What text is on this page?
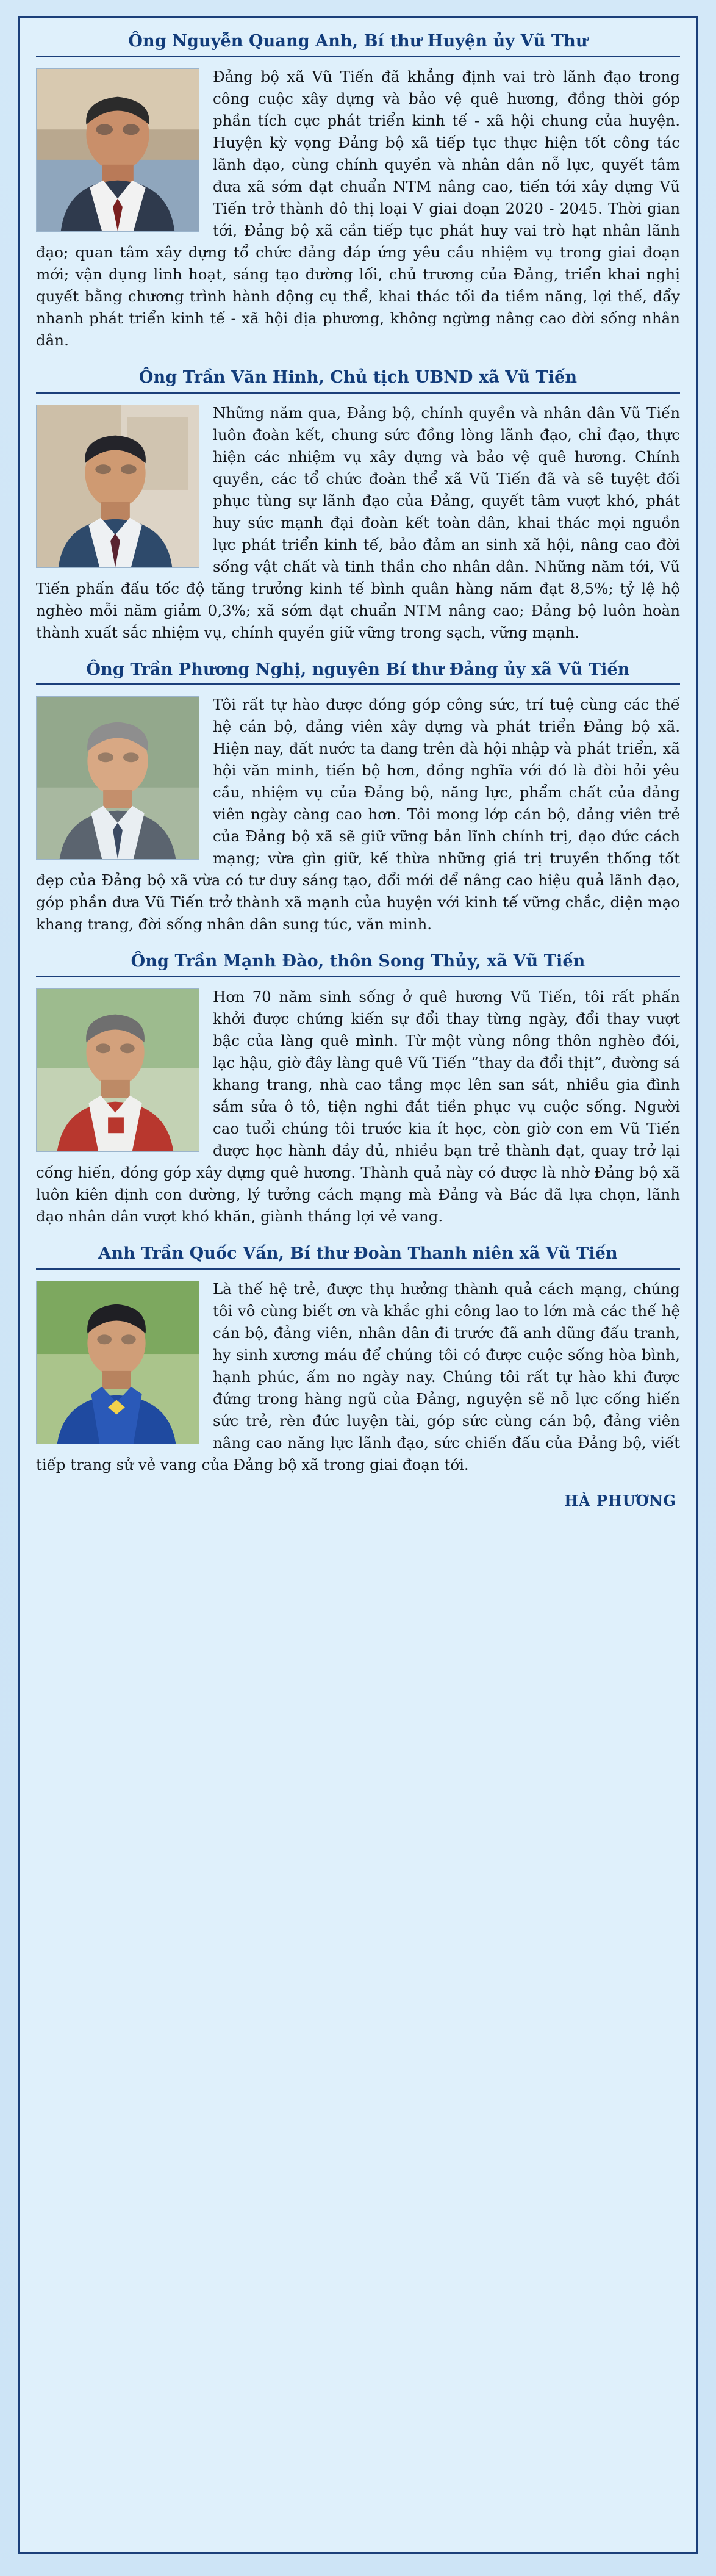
Ông Nguyễn Quang Anh, Bí thư Huyện ủy Vũ Thư

Đảng bộ xã Vũ Tiến đã khẳng định vai trò lãnh đạo trong công cuộc xây dựng và bảo vệ quê hương, đồng thời góp phần tích cực phát triển kinh tế - xã hội chung của huyện. Huyện kỳ vọng Đảng bộ xã tiếp tục thực hiện tốt công tác lãnh đạo, cùng chính quyền và nhân dân nỗ lực, quyết tâm đưa xã sớm đạt chuẩn NTM nâng cao, tiến tới xây dựng Vũ Tiến trở thành đô thị loại V giai đoạn 2020 - 2045. Thời gian tới, Đảng bộ xã cần tiếp tục phát huy vai trò hạt nhân lãnh đạo; quan tâm xây dựng tổ chức đảng đáp ứng yêu cầu nhiệm vụ trong giai đoạn mới; vận dụng linh hoạt, sáng tạo đường lối, chủ trương của Đảng, triển khai nghị quyết bằng chương trình hành động cụ thể, khai thác tối đa tiềm năng, lợi thế, đẩy nhanh phát triển kinh tế - xã hội địa phương, không ngừng nâng cao đời sống nhân dân.

Ông Trần Văn Hinh, Chủ tịch UBND xã Vũ Tiến

Những năm qua, Đảng bộ, chính quyền và nhân dân Vũ Tiến luôn đoàn kết, chung sức đồng lòng lãnh đạo, chỉ đạo, thực hiện các nhiệm vụ xây dựng và bảo vệ quê hương. Chính quyền, các tổ chức đoàn thể xã Vũ Tiến đã và sẽ tuyệt đối phục tùng sự lãnh đạo của Đảng, quyết tâm vượt khó, phát huy sức mạnh đại đoàn kết toàn dân, khai thác mọi nguồn lực phát triển kinh tế, bảo đảm an sinh xã hội, nâng cao đời sống vật chất và tinh thần cho nhân dân. Những năm tới, Vũ Tiến phấn đấu tốc độ tăng trưởng kinh tế bình quân hàng năm đạt 8,5%; tỷ lệ hộ nghèo mỗi năm giảm 0,3%; xã sớm đạt chuẩn NTM nâng cao; Đảng bộ luôn hoàn thành xuất sắc nhiệm vụ, chính quyền giữ vững trong sạch, vững mạnh.

Ông Trần Phương Nghị, nguyên Bí thư Đảng ủy xã Vũ Tiến

Tôi rất tự hào được đóng góp công sức, trí tuệ cùng các thế hệ cán bộ, đảng viên xây dựng và phát triển Đảng bộ xã. Hiện nay, đất nước ta đang trên đà hội nhập và phát triển, xã hội văn minh, tiến bộ hơn, đồng nghĩa với đó là đòi hỏi yêu cầu, nhiệm vụ của Đảng bộ, năng lực, phẩm chất của đảng viên ngày càng cao hơn. Tôi mong lớp cán bộ, đảng viên trẻ của Đảng bộ xã sẽ giữ vững bản lĩnh chính trị, đạo đức cách mạng; vừa gìn giữ, kế thừa những giá trị truyền thống tốt đẹp của Đảng bộ xã vừa có tư duy sáng tạo, đổi mới để nâng cao hiệu quả lãnh đạo, góp phần đưa Vũ Tiến trở thành xã mạnh của huyện với kinh tế vững chắc, diện mạo khang trang, đời sống nhân dân sung túc, văn minh.

Ông Trần Mạnh Đào, thôn Song Thủy, xã Vũ Tiến

Hơn 70 năm sinh sống ở quê hương Vũ Tiến, tôi rất phấn khởi được chứng kiến sự đổi thay từng ngày, đổi thay vượt bậc của làng quê mình. Từ một vùng nông thôn nghèo đói, lạc hậu, giờ đây làng quê Vũ Tiến “thay da đổi thịt”, đường sá khang trang, nhà cao tầng mọc lên san sát, nhiều gia đình sắm sửa ô tô, tiện nghi đắt tiền phục vụ cuộc sống. Người cao tuổi chúng tôi trước kia ít học, còn giờ con em Vũ Tiến được học hành đầy đủ, nhiều bạn trẻ thành đạt, quay trở lại cống hiến, đóng góp xây dựng quê hương. Thành quả này có được là nhờ Đảng bộ xã luôn kiên định con đường, lý tưởng cách mạng mà Đảng và Bác đã lựa chọn, lãnh đạo nhân dân vượt khó khăn, giành thắng lợi vẻ vang.

Anh Trần Quốc Vấn, Bí thư Đoàn Thanh niên xã Vũ Tiến

Là thế hệ trẻ, được thụ hưởng thành quả cách mạng, chúng tôi vô cùng biết ơn và khắc ghi công lao to lớn mà các thế hệ cán bộ, đảng viên, nhân dân đi trước đã anh dũng đấu tranh, hy sinh xương máu để chúng tôi có được cuộc sống hòa bình, hạnh phúc, ấm no ngày nay. Chúng tôi rất tự hào khi được đứng trong hàng ngũ của Đảng, nguyện sẽ nỗ lực cống hiến sức trẻ, rèn đức luyện tài, góp sức cùng cán bộ, đảng viên nâng cao năng lực lãnh đạo, sức chiến đấu của Đảng bộ, viết tiếp trang sử vẻ vang của Đảng bộ xã trong giai đoạn tới.

HÀ PHƯƠNG
